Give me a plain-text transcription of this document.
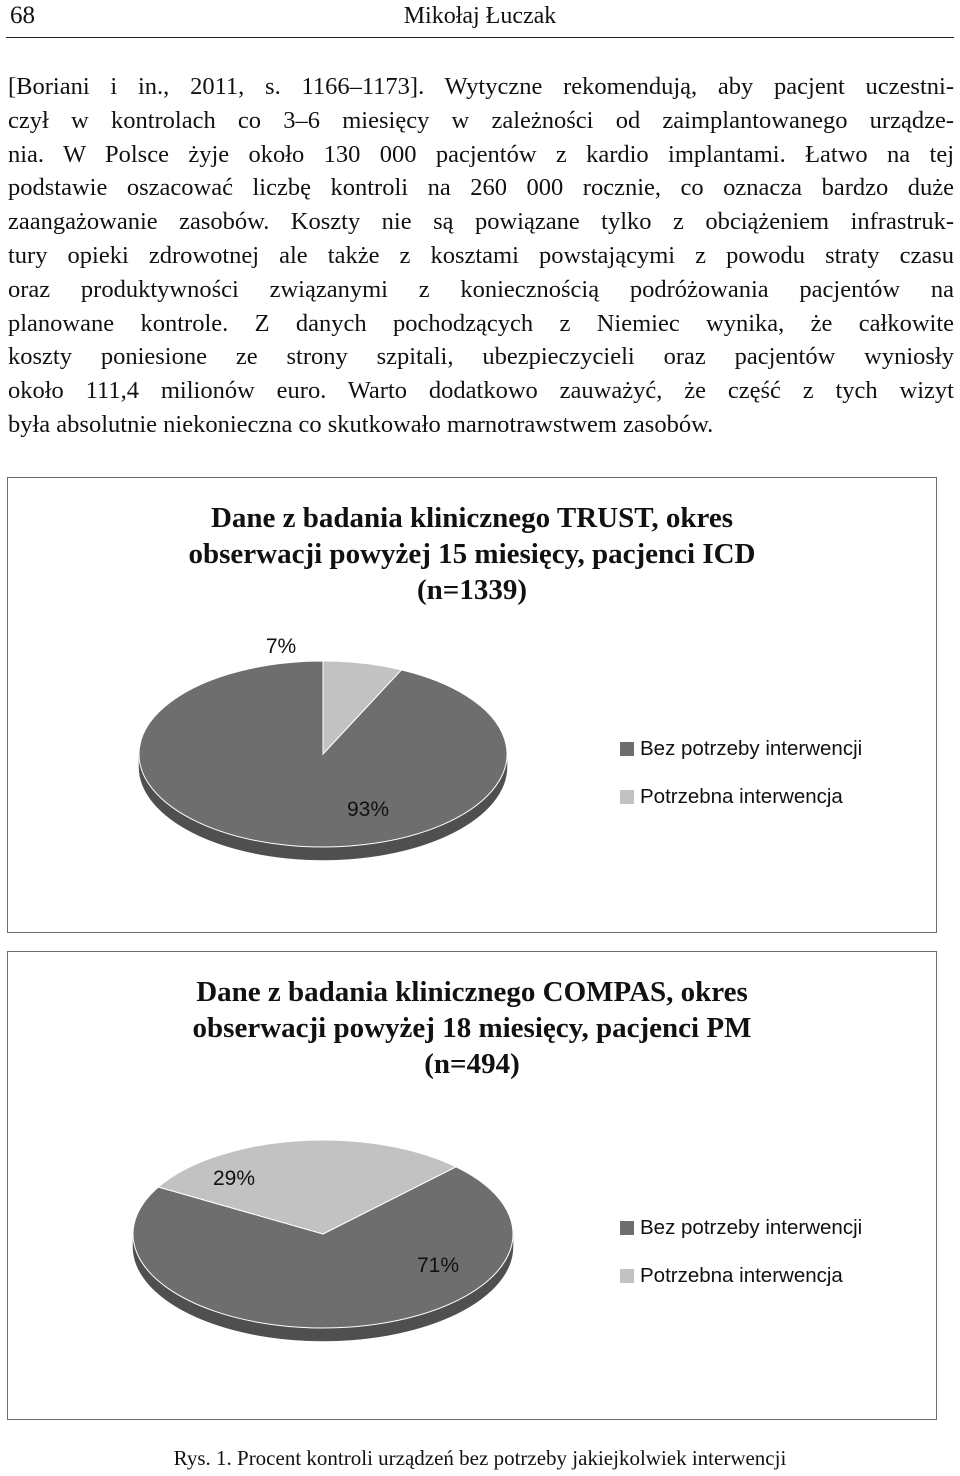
68	Mikołaj Łuczak
[Boriani i in., 2011, s. 1166–1173]. Wytyczne rekomendują, aby pacjent uczestni-
czył w kontrolach co 3–6 miesięcy w zależności od zaimplantowanego urządze-
nia. W Polsce żyje około 130 000 pacjentów z kardio implantami. Łatwo na tej
podstawie oszacować liczbę kontroli na 260 000 rocznie, co oznacza bardzo duże
zaangażowanie zasobów. Koszty nie są powiązane tylko z obciążeniem infrastruk-
tury opieki zdrowotnej ale także z kosztami powstającymi z powodu straty czasu
oraz produktywności związanymi z koniecznością podróżowania pacjentów na
planowane kontrole. Z danych pochodzących z Niemiec wynika, że całkowite
koszty poniesione ze strony szpitali, ubezpieczycieli oraz pacjentów wyniosły
około 111,4 milionów euro. Warto dodatkowo zauważyć, że część z tych wizyt
była absolutnie niekonieczna co skutkowało marnotrawstwem zasobów.
Dane z badania klinicznego TRUST, okres
obserwacji powyżej 15 miesięcy, pacjenci ICD
(n=1339)
93%
7%
Bez potrzeby interwencji
Potrzebna interwencja
Dane z badania klinicznego COMPAS, okres
obserwacji powyżej 18 miesięcy, pacjenci PM
(n=494)
71%
29%
Bez potrzeby interwencji
Potrzebna interwencja
Rys. 1. Procent kontroli urządzeń bez potrzeby jakiejkolwiek interwencji
